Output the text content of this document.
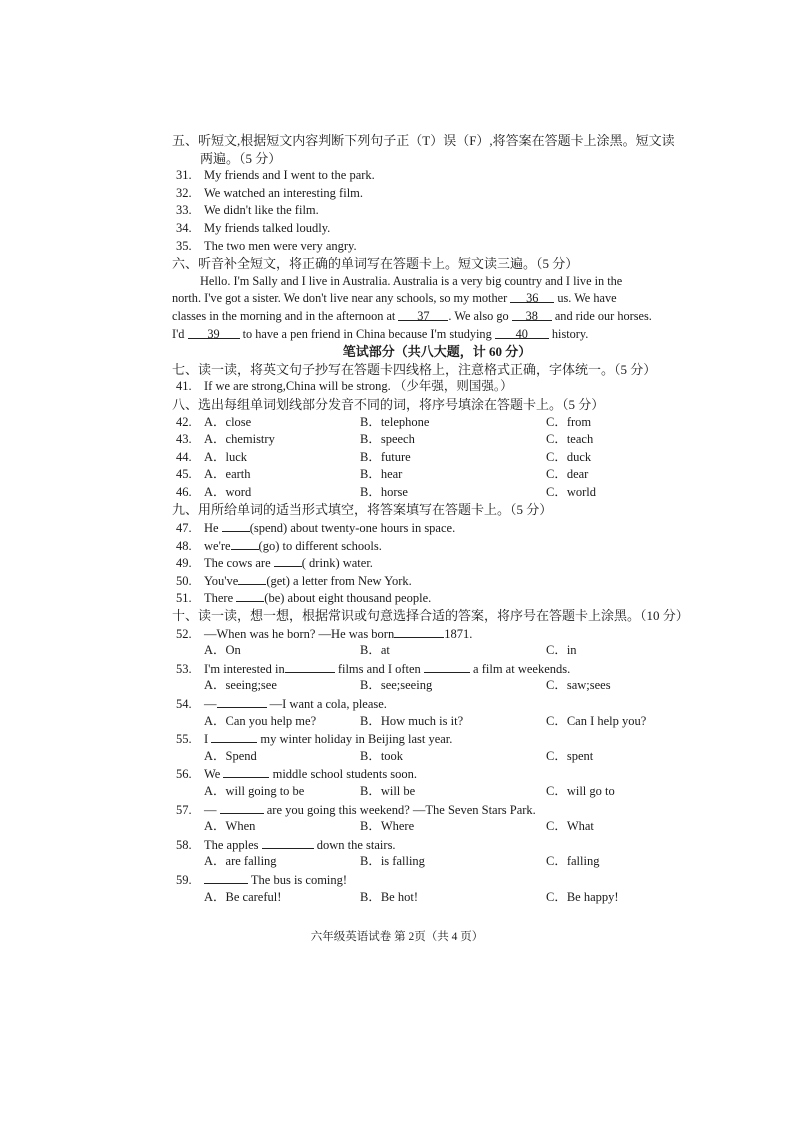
五、听短文,根据短文内容判断下列句子正（T）误（F）,将答案在答题卡上涂黑。短文读
两遍。（5 分）
31. My friends and I went to the park.
32. We watched an interesting film.
33. We didn't like the film.
34. My friends talked loudly.
35. The two men were very angry.
六、听音补全短文，将正确的单词写在答题卡上。短文读三遍。（5 分）
Hello. I'm Sally and I live in Australia. Australia is a very big country and I live in the
north. I've got a sister. We don't live near any schools, so my mother 36 us. We have
classes in the morning and in the afternoon at 37 . We also go 38 and ride our horses.
I'd 39 to have a pen friend in China because I'm studying 40 history.
笔试部分（共八大题，计 60 分）
七、读一读，将英文句子抄写在答题卡四线格上，注意格式正确，字体统一。（5 分）
41. If we are strong,China will be strong. （少年强，则国强。）
八、选出每组单词划线部分发音不同的词，将序号填涂在答题卡上。（5 分）
42. A．close	B．telephone	C．from
43. A．chemistry	B．speech	C．teach
44. A．luck	B．future	C．duck
45. A．earth	B．hear	C．dear
46. A．word	B．horse	C．world
九、用所给单词的适当形式填空，将答案填写在答题卡上。（5 分）
47. He (spend) about twenty-one hours in space.
48. we're (go) to different schools.
49. The cows are ( drink) water.
50. You've (get) a letter from New York.
51. There (be) about eight thousand people.
十、读一读，想一想，根据常识或句意选择合适的答案，将序号在答题卡上涂黑。（10 分）
52. —When was he born? —He was born	1871.
A．On	B．at	C．in
53. I'm interested in	films and I often	a film at weekends.
A．seeing;see	B．see;seeing	C．saw;sees
54. —	—I want a cola, please.
A．Can you help me?	B．How much is it?	C．Can I help you?
55. I	my winter holiday in Beijing last year.
A．Spend	B．took	C．spent
56. We	middle school students soon.
A．will going to be	B．will be	C．will go to
57. —	are you going this weekend? —The Seven Stars Park.
A．When	B．Where	C．What
58. The apples	down the stairs.
A．are falling	B．is falling	C．falling
59.	The bus is coming!
A．Be careful!	B．Be hot!	C．Be happy!
六年级英语试卷 第 2页（共 4 页）
